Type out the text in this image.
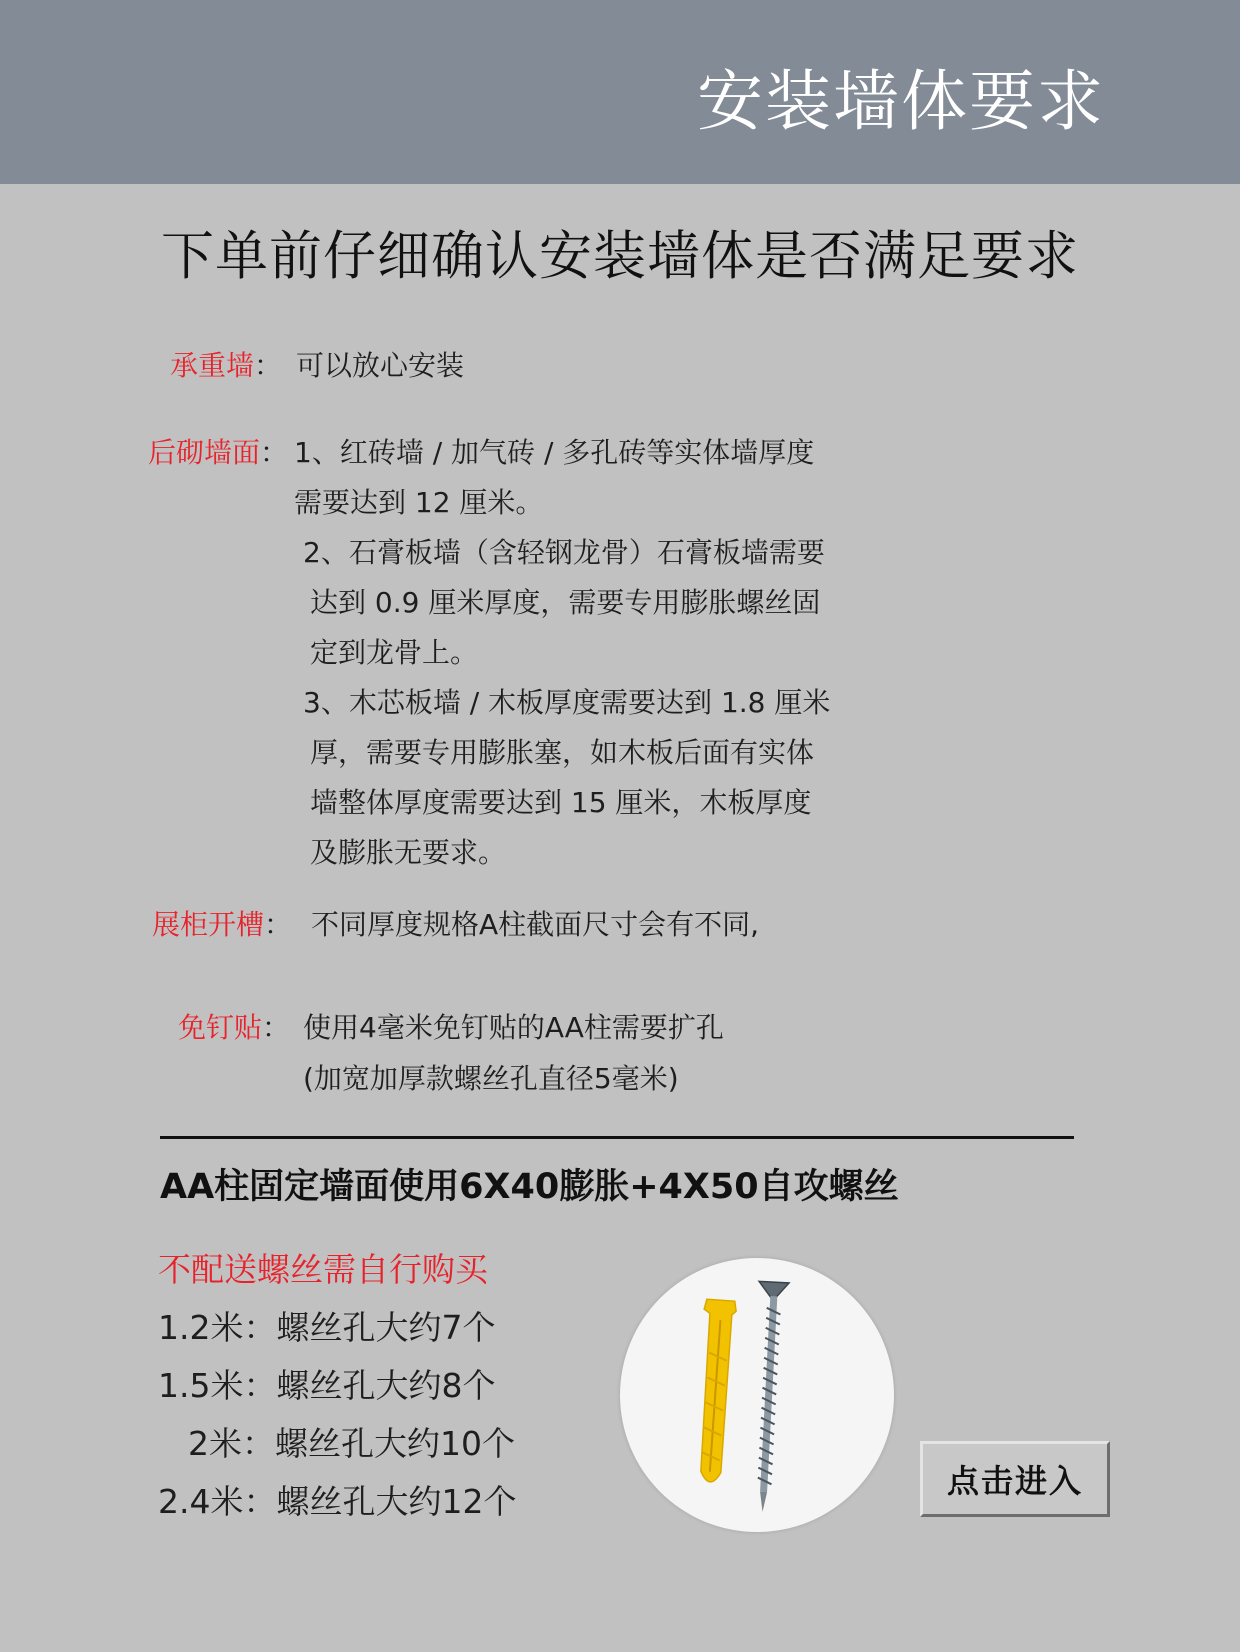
安装墙体要求
下单前仔细确认安装墙体是否满足要求
承重墙： 可以放心安装
后砌墙面： 1、红砖墙 / 加气砖 / 多孔砖等实体墙厚度
需要达到 12 厘米。
2、石膏板墙（含轻钢龙骨）石膏板墙需要
达到 0.9 厘米厚度，需要专用膨胀螺丝固
定到龙骨上。
3、木芯板墙 / 木板厚度需要达到 1.8 厘米
厚，需要专用膨胀塞，如木板后面有实体
墙整体厚度需要达到 15 厘米，木板厚度
及膨胀无要求。
展柜开槽： 不同厚度规格A柱截面尺寸会有不同,
免钉贴： 使用4毫米免钉贴的AA柱需要扩孔
(加宽加厚款螺丝孔直径5毫米)
AA柱固定墙面使用6X40膨胀+4X50自攻螺丝
不配送螺丝需自行购买
1.2米：螺丝孔大约7个
1.5米：螺丝孔大约8个
2米：螺丝孔大约10个
2.4米：螺丝孔大约12个
点击进入
